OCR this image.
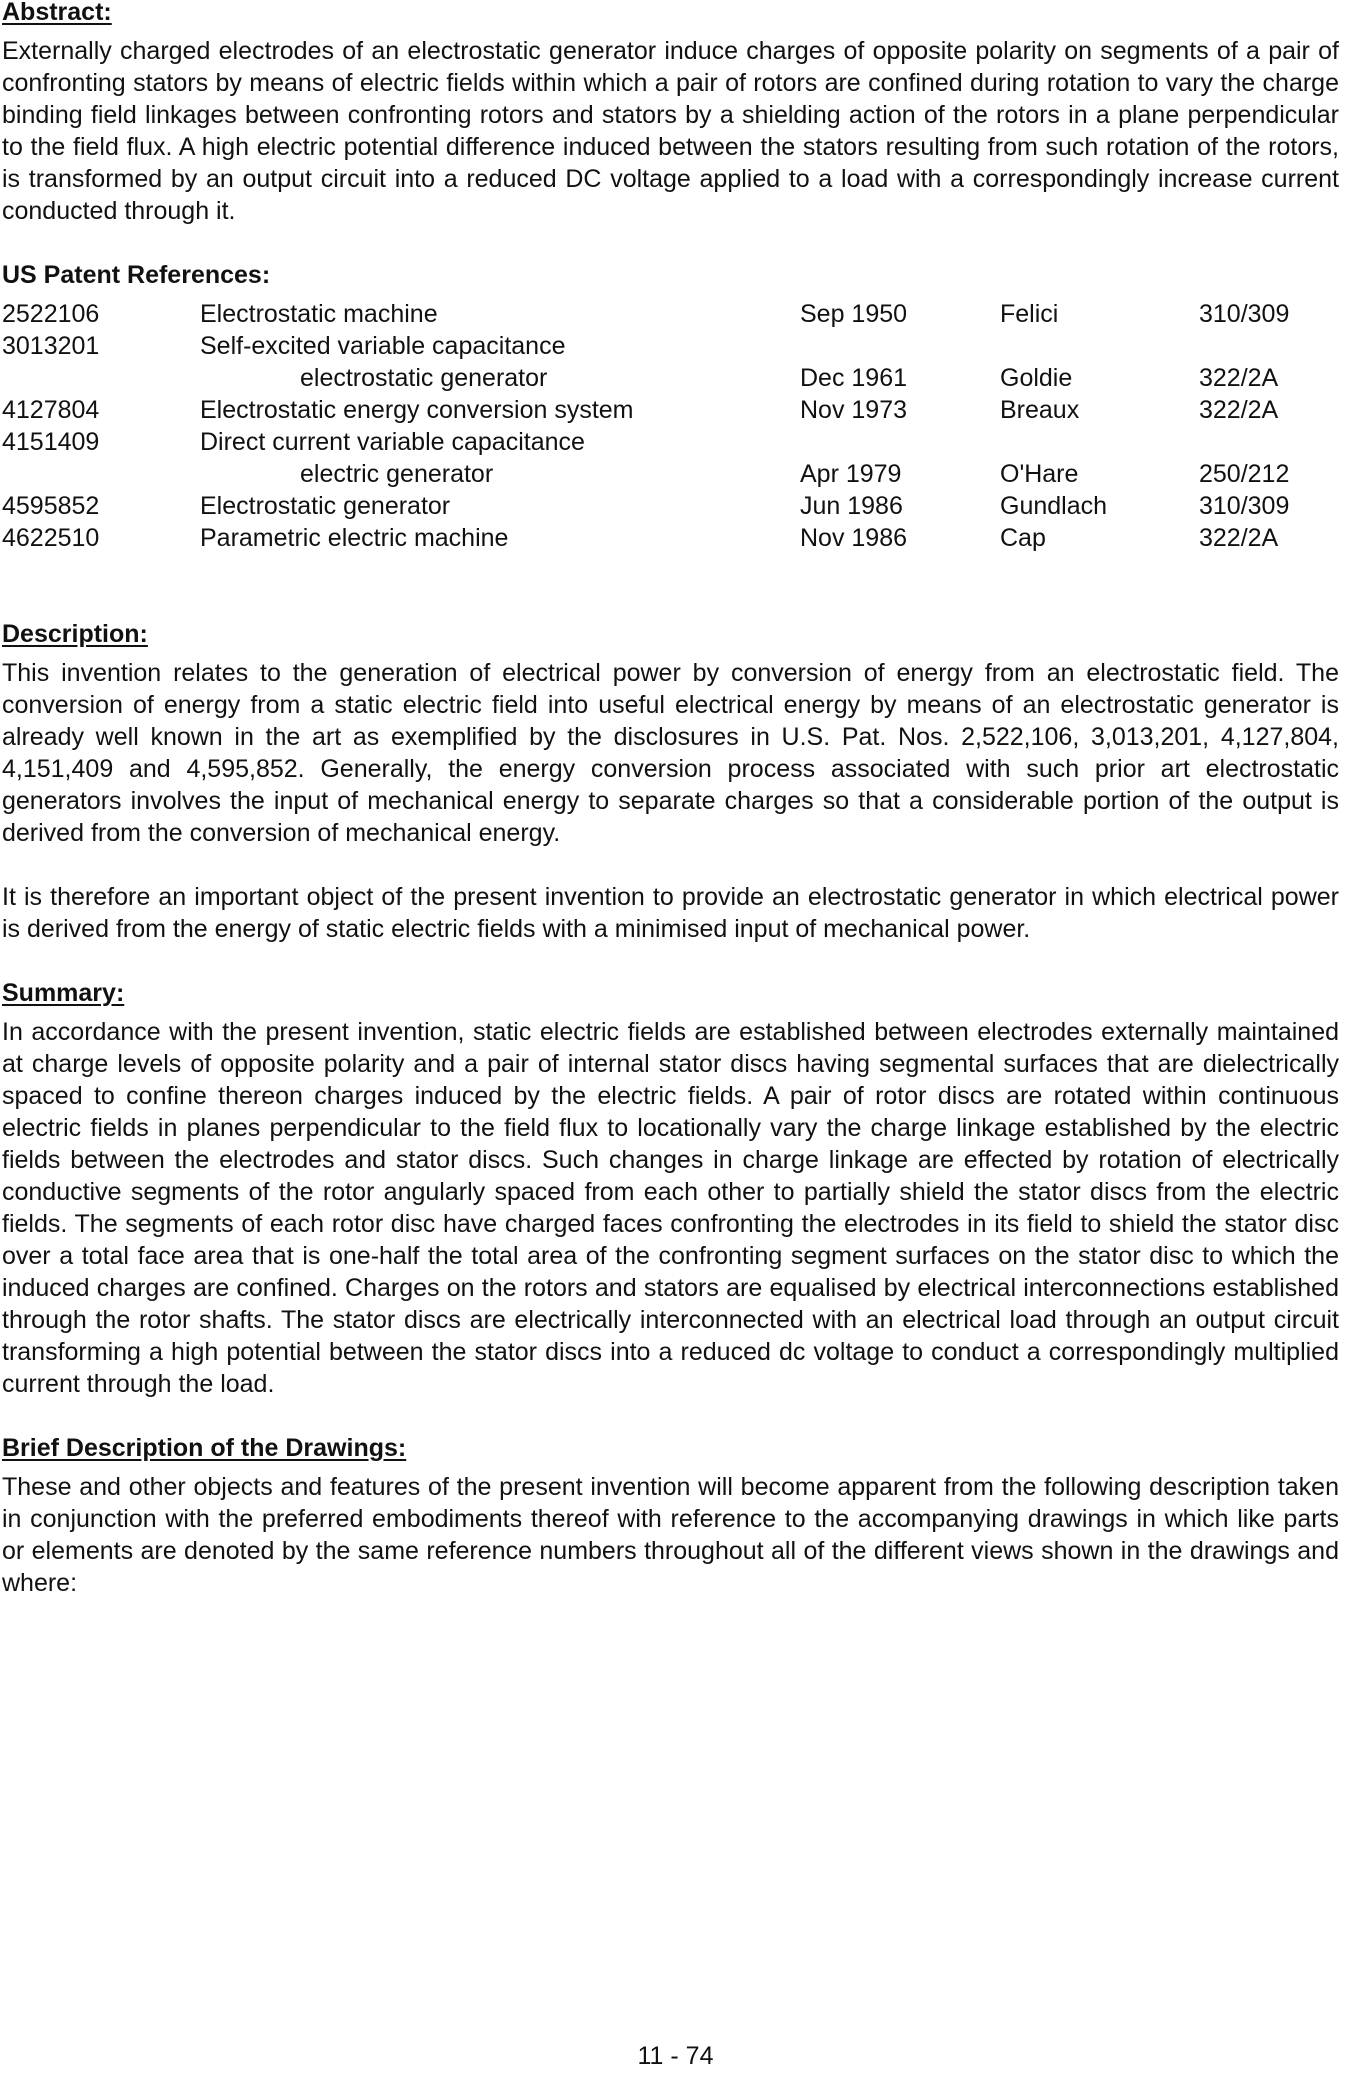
Abstract:

Externally charged electrodes of an electrostatic generator induce charges of opposite polarity on segments of a pair of confronting stators by means of electric fields within which a pair of rotors are confined during rotation to vary the charge binding field linkages between confronting rotors and stators by a shielding action of the rotors in a plane perpendicular to the field flux. A high electric potential difference induced between the stators resulting from such rotation of the rotors, is transformed by an output circuit into a reduced DC voltage applied to a load with a correspondingly increase current conducted through it.

US Patent References:
2522106	Electrostatic machine	Sep 1950	Felici	310/309
3013201	Self-excited variable capacitance
electrostatic generator	Dec 1961	Goldie	322/2A
4127804	Electrostatic energy conversion system	Nov 1973	Breaux	322/2A
4151409	Direct current variable capacitance
electric generator	Apr 1979	O'Hare	250/212
4595852	Electrostatic generator	Jun 1986	Gundlach	310/309
4622510	Parametric electric machine	Nov 1986	Cap	322/2A
Description:

This invention relates to the generation of electrical power by conversion of energy from an electrostatic field. The conversion of energy from a static electric field into useful electrical energy by means of an electrostatic generator is already well known in the art as exemplified by the disclosures in U.S. Pat. Nos. 2,522,106, 3,013,201, 4,127,804, 4,151,409 and 4,595,852. Generally, the energy conversion process associated with such prior art electrostatic generators involves the input of mechanical energy to separate charges so that a considerable portion of the output is derived from the conversion of mechanical energy.

It is therefore an important object of the present invention to provide an electrostatic generator in which electrical power is derived from the energy of static electric fields with a minimised input of mechanical power.

Summary:

In accordance with the present invention, static electric fields are established between electrodes externally maintained at charge levels of opposite polarity and a pair of internal stator discs having segmental surfaces that are dielectrically spaced to confine thereon charges induced by the electric fields. A pair of rotor discs are rotated within continuous electric fields in planes perpendicular to the field flux to locationally vary the charge linkage established by the electric fields between the electrodes and stator discs. Such changes in charge linkage are effected by rotation of electrically conductive segments of the rotor angularly spaced from each other to partially shield the stator discs from the electric fields. The segments of each rotor disc have charged faces confronting the electrodes in its field to shield the stator disc over a total face area that is one-half the total area of the confronting segment surfaces on the stator disc to which the induced charges are confined. Charges on the rotors and stators are equalised by electrical interconnections established through the rotor shafts. The stator discs are electrically interconnected with an electrical load through an output circuit transforming a high potential between the stator discs into a reduced dc voltage to conduct a correspondingly multiplied current through the load.

Brief Description of the Drawings:

These and other objects and features of the present invention will become apparent from the following description taken in conjunction with the preferred embodiments thereof with reference to the accompanying drawings in which like parts or elements are denoted by the same reference numbers throughout all of the different views shown in the drawings and where:

11 - 74
